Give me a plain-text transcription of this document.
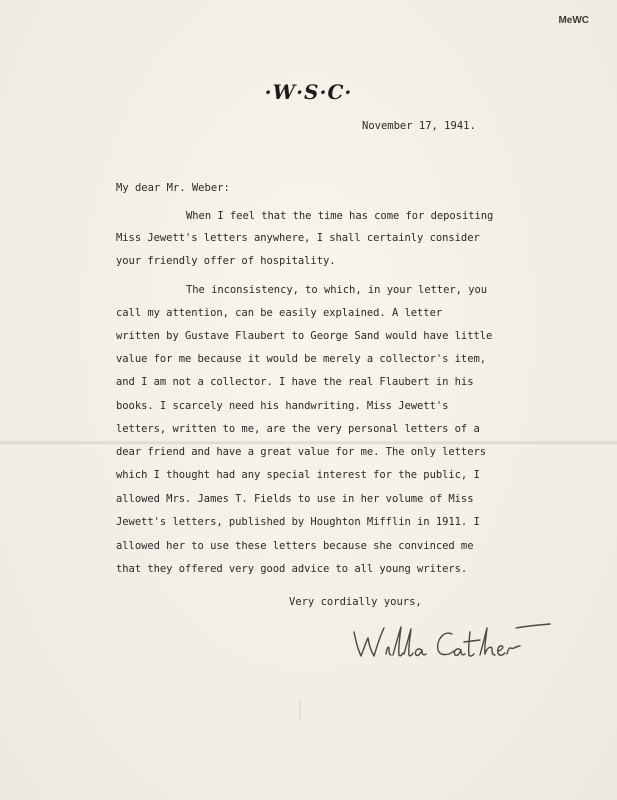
MeWC
·W·S·C·
November 17, 1941.
My dear Mr. Weber:
When I feel that the time has come for depositing
Miss Jewett's letters anywhere, I shall certainly consider
your friendly offer of hospitality.
The inconsistency, to which, in your letter, you
call my attention, can be easily explained. A letter
written by Gustave Flaubert to George Sand would have little
value for me because it would be merely a collector's item,
and I am not a collector. I have the real Flaubert in his
books. I scarcely need his handwriting. Miss Jewett's
letters, written to me, are the very personal letters of a
dear friend and have a great value for me. The only letters
which I thought had any special interest for the public, I
allowed Mrs. James T. Fields to use in her volume of Miss
Jewett's letters, published by Houghton Mifflin in 1911. I
allowed her to use these letters because she convinced me
that they offered very good advice to all young writers.
Very cordially yours,
